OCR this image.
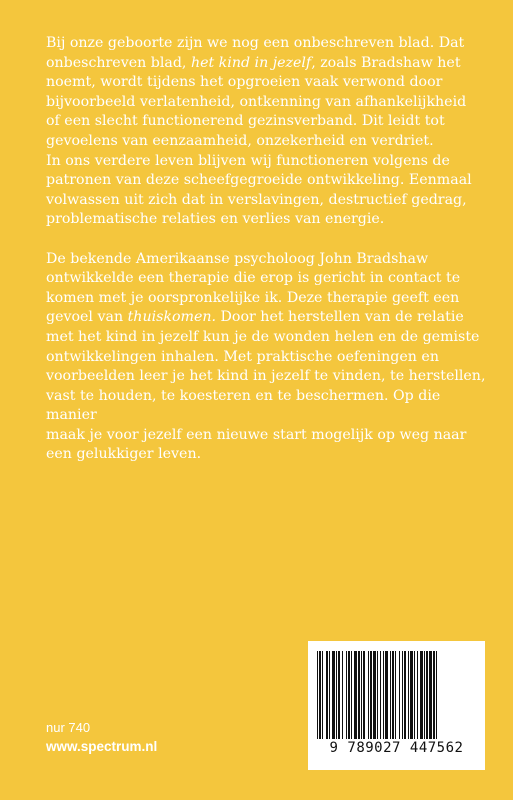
Bij onze geboorte zijn we nog een onbeschreven blad. Dat
onbeschreven blad, het kind in jezelf, zoals Bradshaw het
noemt, wordt tijdens het opgroeien vaak verwond door
bijvoorbeeld verlatenheid, ontkenning van afhankelijkheid
of een slecht functionerend gezinsverband. Dit leidt tot
gevoelens van eenzaamheid, onzekerheid en verdriet.
In ons verdere leven blijven wij functioneren volgens de
patronen van deze scheefgegroeide ontwikkeling. Eenmaal
volwassen uit zich dat in verslavingen, destructief gedrag,
problematische relaties en verlies van energie.

De bekende Amerikaanse psycholoog John Bradshaw
ontwikkelde een therapie die erop is gericht in contact te
komen met je oorspronkelijke ik. Deze therapie geeft een
gevoel van thuiskomen. Door het herstellen van de relatie
met het kind in jezelf kun je de wonden helen en de gemiste
ontwikkelingen inhalen. Met praktische oefeningen en
voorbeelden leer je het kind in jezelf te vinden, te herstellen,
vast te houden, te koesteren en te beschermen. Op die manier
maak je voor jezelf een nieuwe start mogelijk op weg naar
een gelukkiger leven.

nur 740
www.spectrum.nl	9 789027 447562
